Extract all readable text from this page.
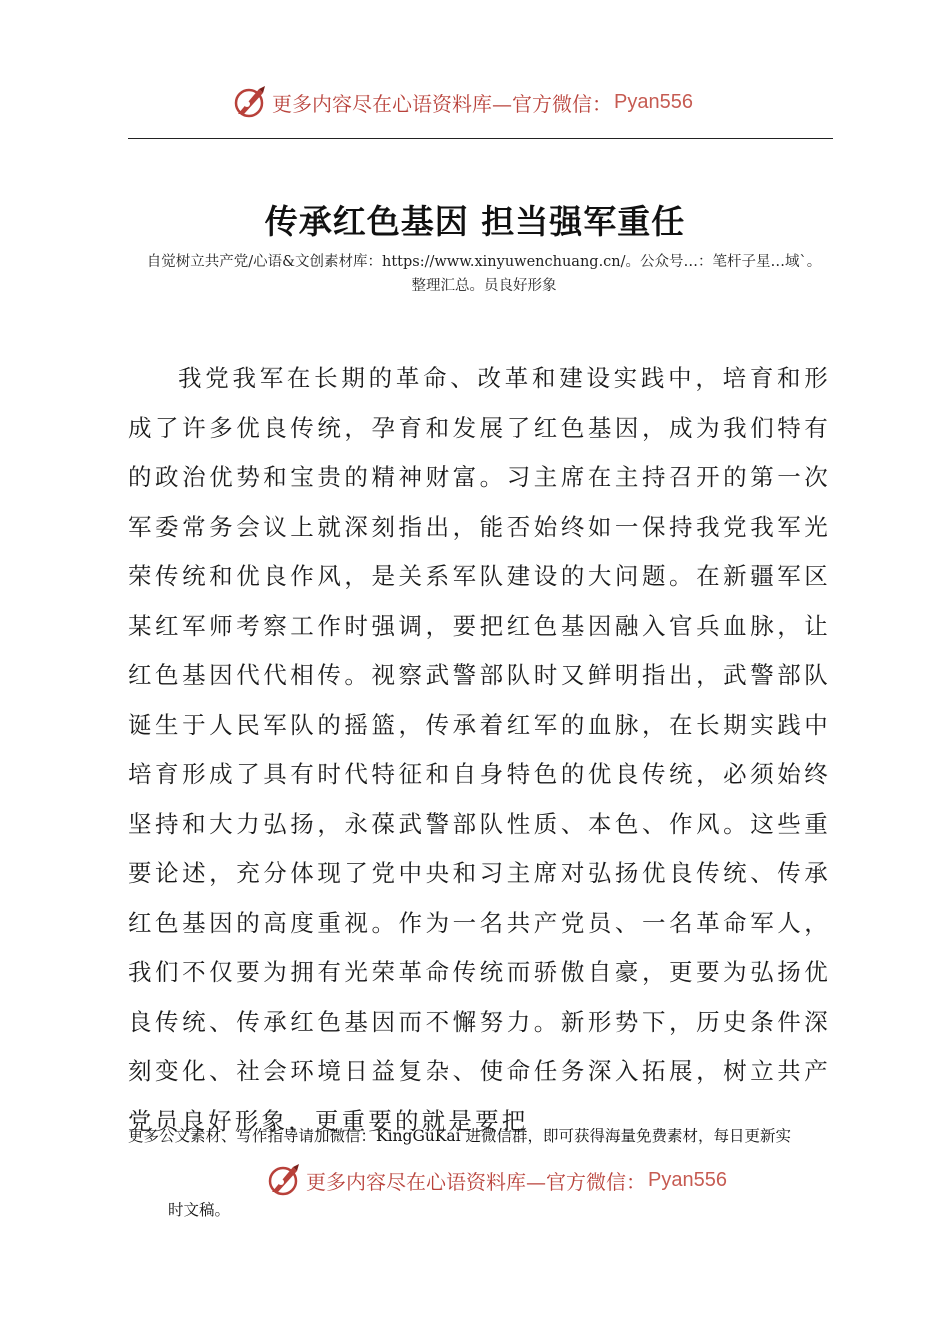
更多内容尽在心语资料库—官方微信： Pyan556
传承红色基因 担当强军重任
自觉树立共产党/心语&文创素材库：https://www.xinyuwenchuang.cn/。公众号…：笔杆子星…域`。
整理汇总。员良好形象

我党我军在长期的革命、改革和建设实践中，培育和形成了许多优良传统，孕育和发展了红色基因，成为我们特有的政治优势和宝贵的精神财富。习主席在主持召开的第一次军委常务会议上就深刻指出，能否始终如一保持我党我军光荣传统和优良作风，是关系军队建设的大问题。在新疆军区某红军师考察工作时强调，要把红色基因融入官兵血脉，让红色基因代代相传。视察武警部队时又鲜明指出，武警部队诞生于人民军队的摇篮，传承着红军的血脉，在长期实践中培育形成了具有时代特征和自身特色的优良传统，必须始终坚持和大力弘扬，永葆武警部队性质、本色、作风。这些重要论述，充分体现了党中央和习主席对弘扬优良传统、传承红色基因的高度重视。作为一名共产党员、一名革命军人，我们不仅要为拥有光荣革命传统而骄傲自豪，更要为弘扬优良传统、传承红色基因而不懈努力。新形势下，历史条件深刻变化、社会环境日益复杂、使命任务深入拓展，树立共产党员良好形象，更重要的就是要把

更多公文素材、写作指导请加微信：KingGuKai 进微信群，即可获得海量免费素材，每日更新实
更多内容尽在心语资料库—官方微信： Pyan556
时文稿。
